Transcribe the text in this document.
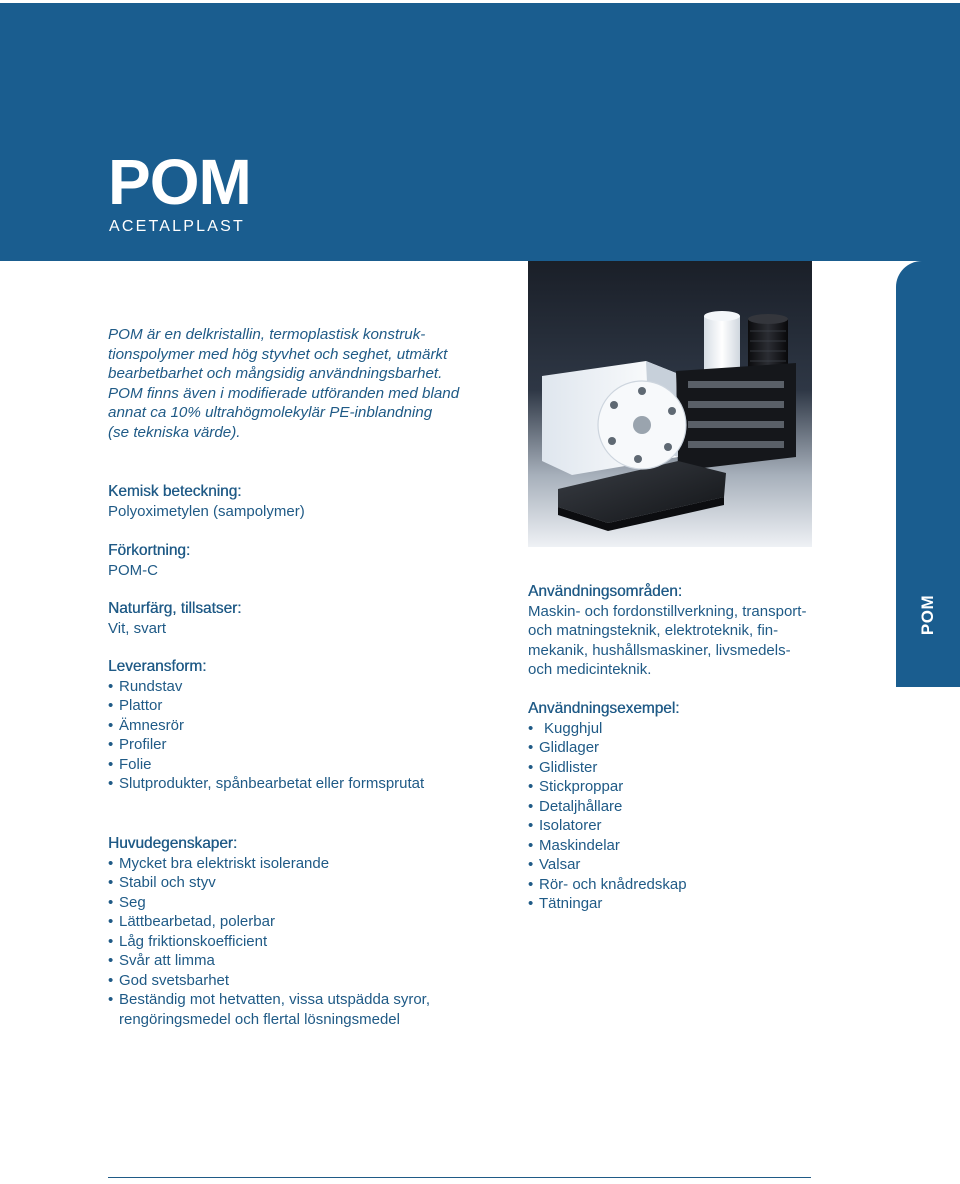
POM
ACETALPLAST
POM

POM är en delkristallin, termoplastisk konstruk-
tionspolymer med hög styvhet och seghet, utmärkt
bearbetbarhet och mångsidig användningsbarhet.
POM finns även i modifierade utföranden med bland
annat ca 10% ultrahögmolekylär PE-inblandning
(se tekniska värde).

Kemisk beteckning:

Polyoximetylen (sampolymer)

Förkortning:

POM-C

Naturfärg, tillsatser:

Vit, svart

Leveransform:
• Rundstav
• Plattor
• Ämnesrör
• Profiler
• Folie
• Slutprodukter, spånbearbetat eller formsprutat
Huvudegenskaper:
• Mycket bra elektriskt isolerande
• Stabil och styv
• Seg
• Lättbearbetad, polerbar
• Låg friktionskoefficient
• Svår att limma
• God svetsbarhet
• Beständig mot hetvatten, vissa utspädda syror,
rengöringsmedel och flertal lösningsmedel
Användningsområden:

Maskin- och fordonstillverkning, transport-
och matningsteknik, elektroteknik, fin-
mekanik, hushållsmaskiner, livsmedels-
och medicinteknik.

Användningsexempel:
• Kugghjul
• Glidlager
• Glidlister
• Stickproppar
• Detaljhållare
• Isolatorer
• Maskindelar
• Valsar
• Rör- och knådredskap
• Tätningar
